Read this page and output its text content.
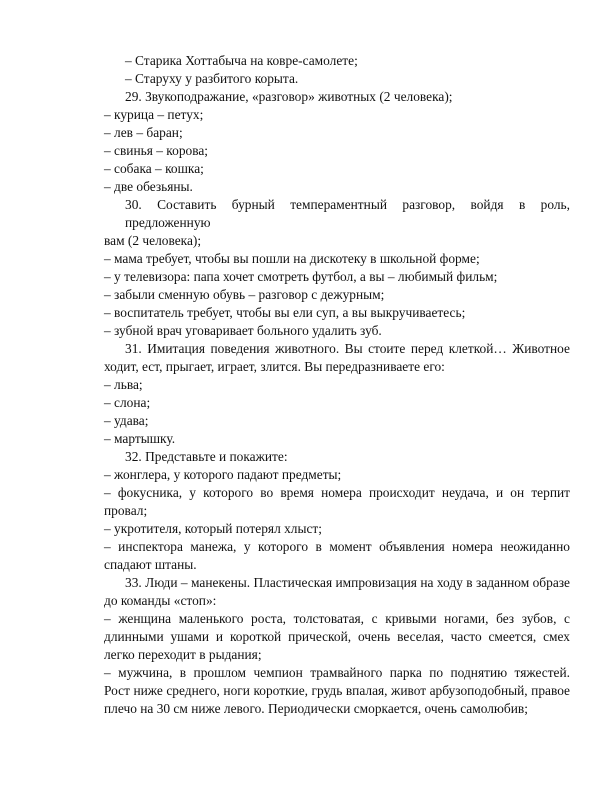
– Старика Хоттабыча на ковре-самолете;
– Старуху у разбитого корыта.
29. Звукоподражание, «разговор» животных (2 человека);
– курица – петух;
– лев – баран;
– свинья – корова;
– собака – кошка;
– две обезьяны.
30. Составить бурный темпераментный разговор, войдя в роль, предложенную
вам (2 человека);
– мама требует, чтобы вы пошли на дискотеку в школьной форме;
– у телевизора: папа хочет смотреть футбол, а вы – любимый фильм;
– забыли сменную обувь – разговор с дежурным;
– воспитатель требует, чтобы вы ели суп, а вы выкручиваетесь;
– зубной врач уговаривает больного удалить зуб.
31. Имитация поведения животного. Вы стоите перед клеткой… Животное
ходит, ест, прыгает, играет, злится. Вы передразниваете его:
– льва;
– слона;
– удава;
– мартышку.
32. Представьте и покажите:
– жонглера, у которого падают предметы;
– фокусника, у которого во время номера происходит неудача, и он терпит
провал;
– укротителя, который потерял хлыст;
– инспектора манежа, у которого в момент объявления номера неожиданно
спадают штаны.
33. Люди – манекены. Пластическая импровизация на ходу в заданном образе
до команды «стоп»:
– женщина маленького роста, толстоватая, с кривыми ногами, без зубов, с
длинными ушами и короткой прической, очень веселая, часто смеется, смех
легко переходит в рыдания;
– мужчина, в прошлом чемпион трамвайного парка по поднятию тяжестей.
Рост ниже среднего, ноги короткие, грудь впалая, живот арбузоподобный, правое
плечо на 30 см ниже левого. Периодически сморкается, очень самолюбив;
